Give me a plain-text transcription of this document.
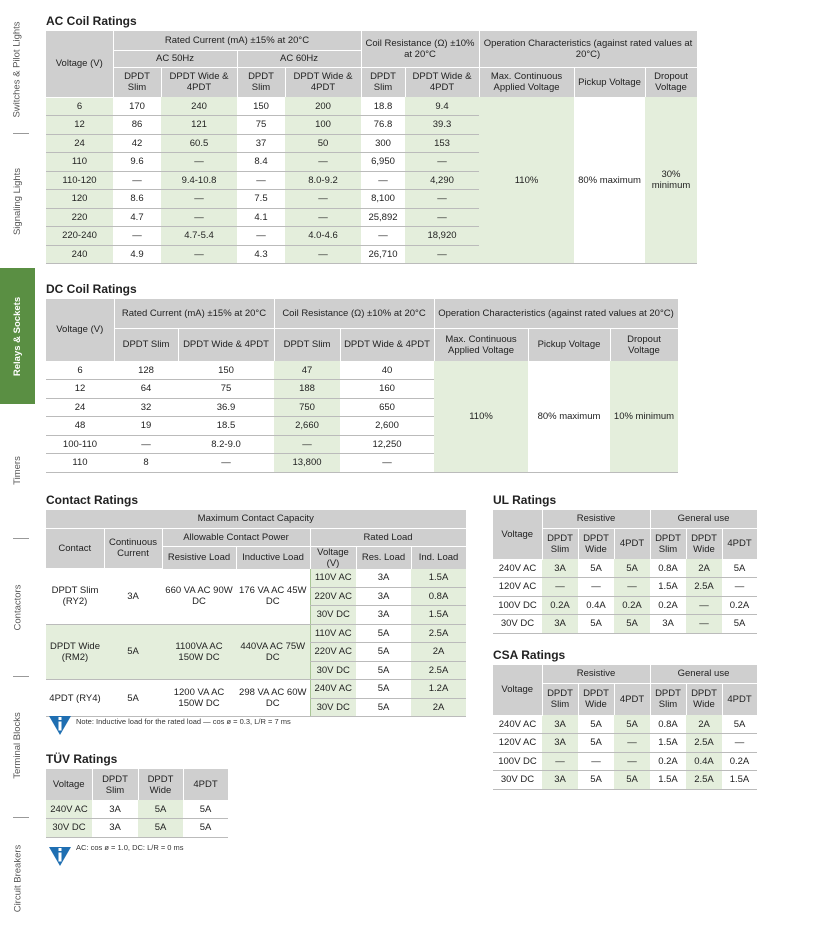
Switches & Pilot Lights
Signaling Lights
Relays & Sockets
Timers
Contactors
Terminal Blocks
Circuit Breakers
AC Coil Ratings
Voltage (V)	Rated Current (mA) ±15% at 20°C				Coil Resistance (Ω) ±10% at 20°C		Operation Characteristics (against rated values at 20°C)		
	AC 50Hz		AC 60Hz						
	DPDT Slim	DPDT Wide & 4PDT	DPDT Slim	DPDT Wide & 4PDT	DPDT Slim	DPDT Wide & 4PDT	Max. Continuous Applied Voltage	Pickup Voltage	Dropout Voltage
6	170	240	150	200	18.8	9.4	110%	80% maximum	30% minimum
12	86	121	75	100	76.8	39.3			
24	42	60.5	37	50	300	153			
110	9.6	—	8.4	—	6,950	—			
110-120	—	9.4-10.8	—	8.0-9.2	—	4,290			
120	8.6	—	7.5	—	8,100	—			
220	4.7	—	4.1	—	25,892	—			
220-240	—	4.7-5.4	—	4.0-4.6	—	18,920			
240	4.9	—	4.3	—	26,710	—			
DC Coil Ratings
Voltage (V)	Rated Current (mA) ±15% at 20°C		Coil Resistance (Ω) ±10% at 20°C		Operation Characteristics (against rated values at 20°C)		
	DPDT Slim	DPDT Wide & 4PDT	DPDT Slim	DPDT Wide & 4PDT	Max. Continuous Applied Voltage	Pickup Voltage	Dropout Voltage
6	128	150	47	40	110%	80% maximum	10% minimum
12	64	75	188	160			
24	32	36.9	750	650			
48	19	18.5	2,660	2,600			
100-110	—	8.2-9.0	—	12,250			
110	8	—	13,800	—			
Contact Ratings
Maximum Contact Capacity						
Contact	Continuous Current	Allowable Contact Power		Rated Load		
		Resistive Load	Inductive Load	Voltage (V)	Res. Load	Ind. Load
DPDT Slim (RY2)	3A	660 VA AC 90W DC	176 VA AC 45W DC	110V AC	3A	1.5A
				220V AC	3A	0.8A
				30V DC	3A	1.5A
DPDT Wide (RM2)	5A	1100VA AC 150W DC	440VA AC 75W DC	110V AC	5A	2.5A
				220V AC	5A	2A
				30V DC	5A	2.5A
4PDT (RY4)	5A	1200 VA AC 150W DC	298 VA AC 60W DC	240V AC	5A	1.2A
				30V DC	5A	2A
Note: Inductive load for the rated load — cos ø = 0.3, L/R = 7 ms
TÜV Ratings
Voltage	DPDT Slim	DPDT Wide	4PDT
240V AC	3A	5A	5A
30V DC	3A	5A	5A
AC: cos ø = 1.0, DC: L/R = 0 ms
UL Ratings
Voltage	Resistive			General use		
	DPDT Slim	DPDT Wide	4PDT	DPDT Slim	DPDT Wide	4PDT
240V AC	3A	5A	5A	0.8A	2A	5A
120V AC	—	—	—	1.5A	2.5A	—
100V DC	0.2A	0.4A	0.2A	0.2A	—	0.2A
30V DC	3A	5A	5A	3A	—	5A
CSA Ratings
Voltage	Resistive			General use		
	DPDT Slim	DPDT Wide	4PDT	DPDT Slim	DPDT Wide	4PDT
240V AC	3A	5A	5A	0.8A	2A	5A
120V AC	3A	5A	—	1.5A	2.5A	—
100V DC	—	—	—	0.2A	0.4A	0.2A
30V DC	3A	5A	5A	1.5A	2.5A	1.5A
